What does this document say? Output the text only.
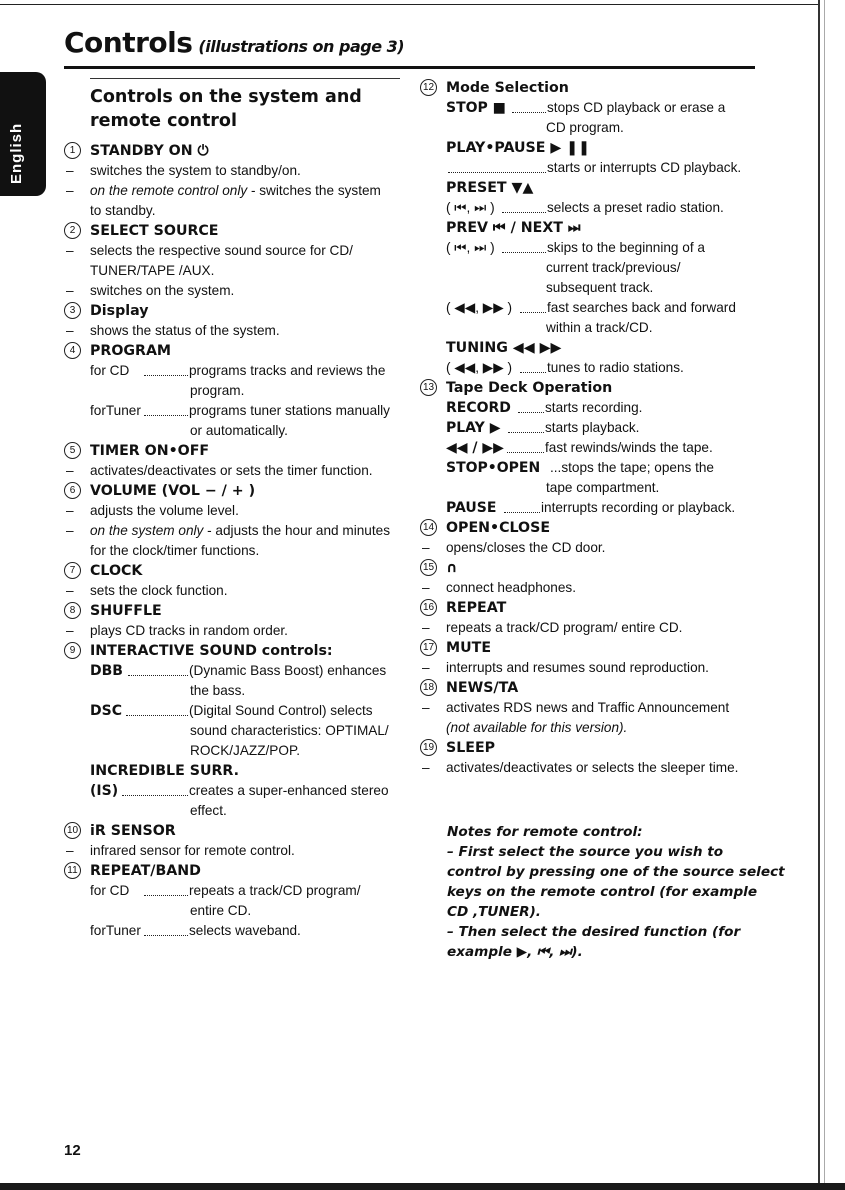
Controls (illustrations on page 3)
English
Controls on the system and
remote control
1	STANDBY ON ⏻
– switches the system to standby/on.
– on the remote control only - switches the system
to standby.
2	SELECT SOURCE
– selects the respective sound source for CD/
TUNER/TAPE /AUX.
– switches on the system.
3	Display
– shows the status of the system.
4	PROGRAM
for CD	programs tracks and reviews the
program.
forTuner	programs tuner stations manually
or automatically.
5	TIMER ON•OFF
– activates/deactivates or sets the timer function.
6	VOLUME (VOL − / + )
– adjusts the volume level.
– on the system only - adjusts the hour and minutes
for the clock/timer functions.
7	CLOCK
– sets the clock function.
8	SHUFFLE
– plays CD tracks in random order.
9	INTERACTIVE SOUND controls:
DBB	(Dynamic Bass Boost) enhances
the bass.
DSC	(Digital Sound Control) selects
sound characteristics: OPTIMAL/
ROCK/JAZZ/POP.
INCREDIBLE SURR.
(IS)	creates a super-enhanced stereo
effect.
10 iR SENSOR
– infrared sensor for remote control.
11 REPEAT/BAND
for CD	repeats a track/CD program/
entire CD.
forTuner	selects waveband.
12 Mode Selection
STOP ■	stops CD playback or erase a
CD program.
PLAY•PAUSE ▶ ❚❚
starts or interrupts CD playback.
PRESET ▼▲
( ⏮, ⏭ )	selects a preset radio station.
PREV ⏮ / NEXT ⏭
( ⏮, ⏭ )	skips to the beginning of a
current track/previous/
subsequent track.
( ◀◀, ▶▶ )	fast searches back and forward
within a track/CD.
TUNING ◀◀ ▶▶
( ◀◀, ▶▶ )	tunes to radio stations.
13 Tape Deck Operation
RECORD	starts recording.
PLAY ▶	starts playback.
◀◀ / ▶▶	fast rewinds/winds the tape.
STOP•OPEN ...stops the tape; opens the
tape compartment.
PAUSE	interrupts recording or playback.
14 OPEN•CLOSE
– opens/closes the CD door.
15 ∩
– connect headphones.
16 REPEAT
– repeats a track/CD program/ entire CD.
17 MUTE
– interrupts and resumes sound reproduction.
18 NEWS/TA
– activates RDS news and Traffic Announcement
(not available for this version).
19 SLEEP
– activates/deactivates or selects the sleeper time.
Notes for remote control:
– First select the source you wish to
control by pressing one of the source select
keys on the remote control (for example
CD ,TUNER).
– Then select the desired function (for
example ▶, ⏮, ⏭).
12
